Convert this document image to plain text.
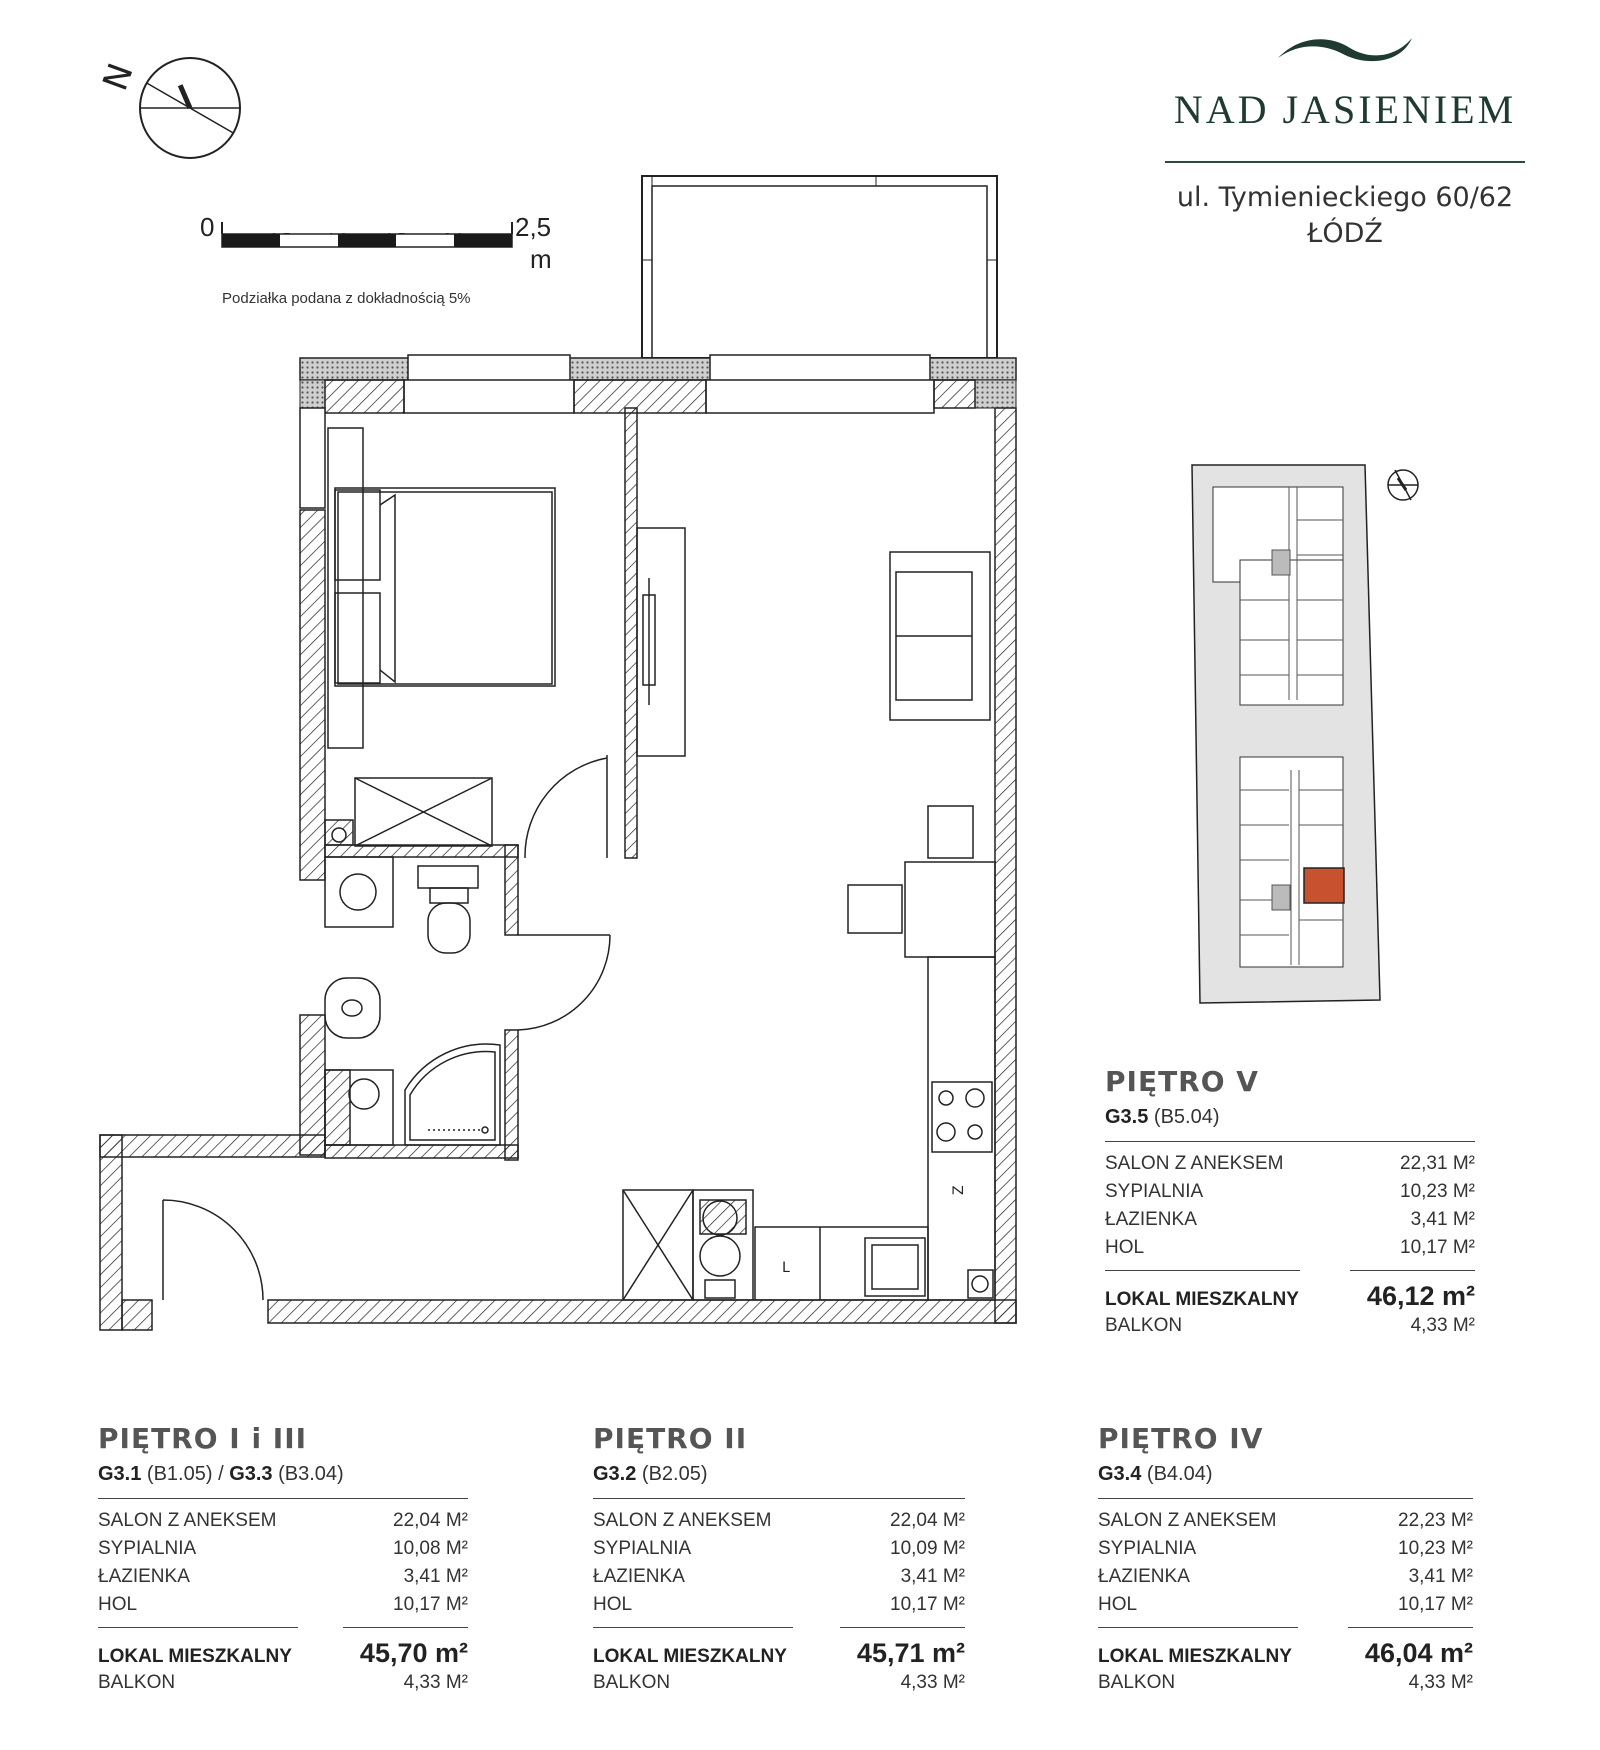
NAD JASIENIEM
ul. Tymienieckiego 60/62
ŁÓDŹ
N
0	2,5
m
Podziałka podana z dokładnością 5%
L
Z
PIĘTRO V
G3.5 (B5.04)
SALON Z ANEKSEM	22,31 M²
SYPIALNIA	10,23 M²
ŁAZIENKA	3,41 M²
HOL	10,17 M²
LOKAL MIESZKALNY	46,12 m²
BALKON	4,33 M²
PIĘTRO I i III
G3.1 (B1.05) / G3.3 (B3.04)
SALON Z ANEKSEM	22,04 M²
SYPIALNIA	10,08 M²
ŁAZIENKA	3,41 M²
HOL	10,17 M²
LOKAL MIESZKALNY	45,70 m²
BALKON	4,33 M²
PIĘTRO II
G3.2 (B2.05)
SALON Z ANEKSEM	22,04 M²
SYPIALNIA	10,09 M²
ŁAZIENKA	3,41 M²
HOL	10,17 M²
LOKAL MIESZKALNY	45,71 m²
BALKON	4,33 M²
PIĘTRO IV
G3.4 (B4.04)
SALON Z ANEKSEM	22,23 M²
SYPIALNIA	10,23 M²
ŁAZIENKA	3,41 M²
HOL	10,17 M²
LOKAL MIESZKALNY	46,04 m²
BALKON	4,33 M²
